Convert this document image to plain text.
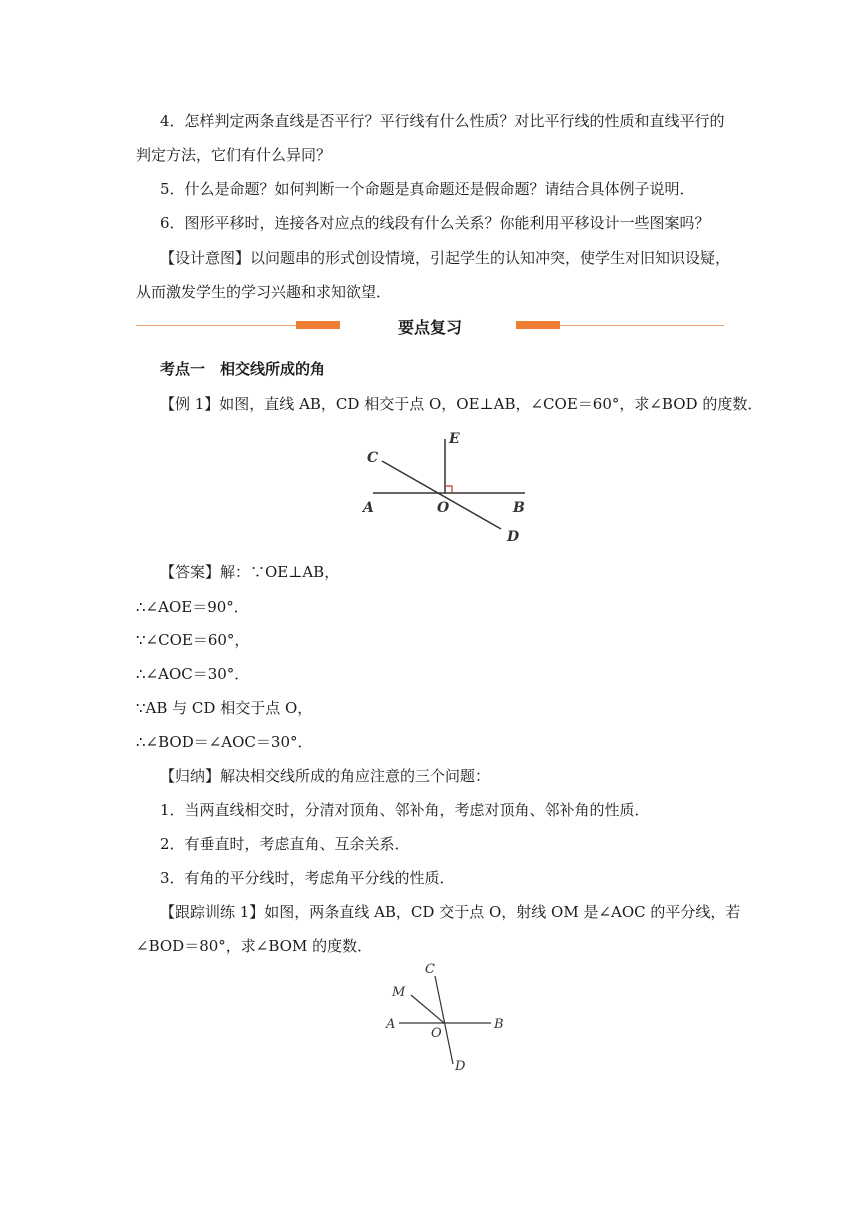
4．怎样判定两条直线是否平行？平行线有什么性质？对比平行线的性质和直线平行的
判定方法，它们有什么异同？
5．什么是命题？如何判断一个命题是真命题还是假命题？请结合具体例子说明．
6．图形平移时，连接各对应点的线段有什么关系？你能利用平移设计一些图案吗？
【设计意图】以问题串的形式创设情境，引起学生的认知冲突，使学生对旧知识设疑，
从而激发学生的学习兴趣和求知欲望．
要点复习
考点一　相交线所成的角
【例 1】如图，直线 AB，CD 相交于点 O，OE⊥AB，∠COE＝60°，求∠BOD 的度数．
C
E
A	O	B
D
【答案】解：∵OE⊥AB，
∴∠AOE＝90°．
∵∠COE＝60°，
∴∠AOC＝30°．
∵AB 与 CD 相交于点 O，
∴∠BOD＝∠AOC＝30°．
【归纳】解决相交线所成的角应注意的三个问题：
1．当两直线相交时，分清对顶角、邻补角，考虑对顶角、邻补角的性质．
2．有垂直时，考虑直角、互余关系．
3．有角的平分线时，考虑角平分线的性质．
【跟踪训练 1】如图，两条直线 AB，CD 交于点 O，射线 OM 是∠AOC 的平分线，若
∠BOD＝80°，求∠BOM 的度数．
C
M
A
O
B
D
